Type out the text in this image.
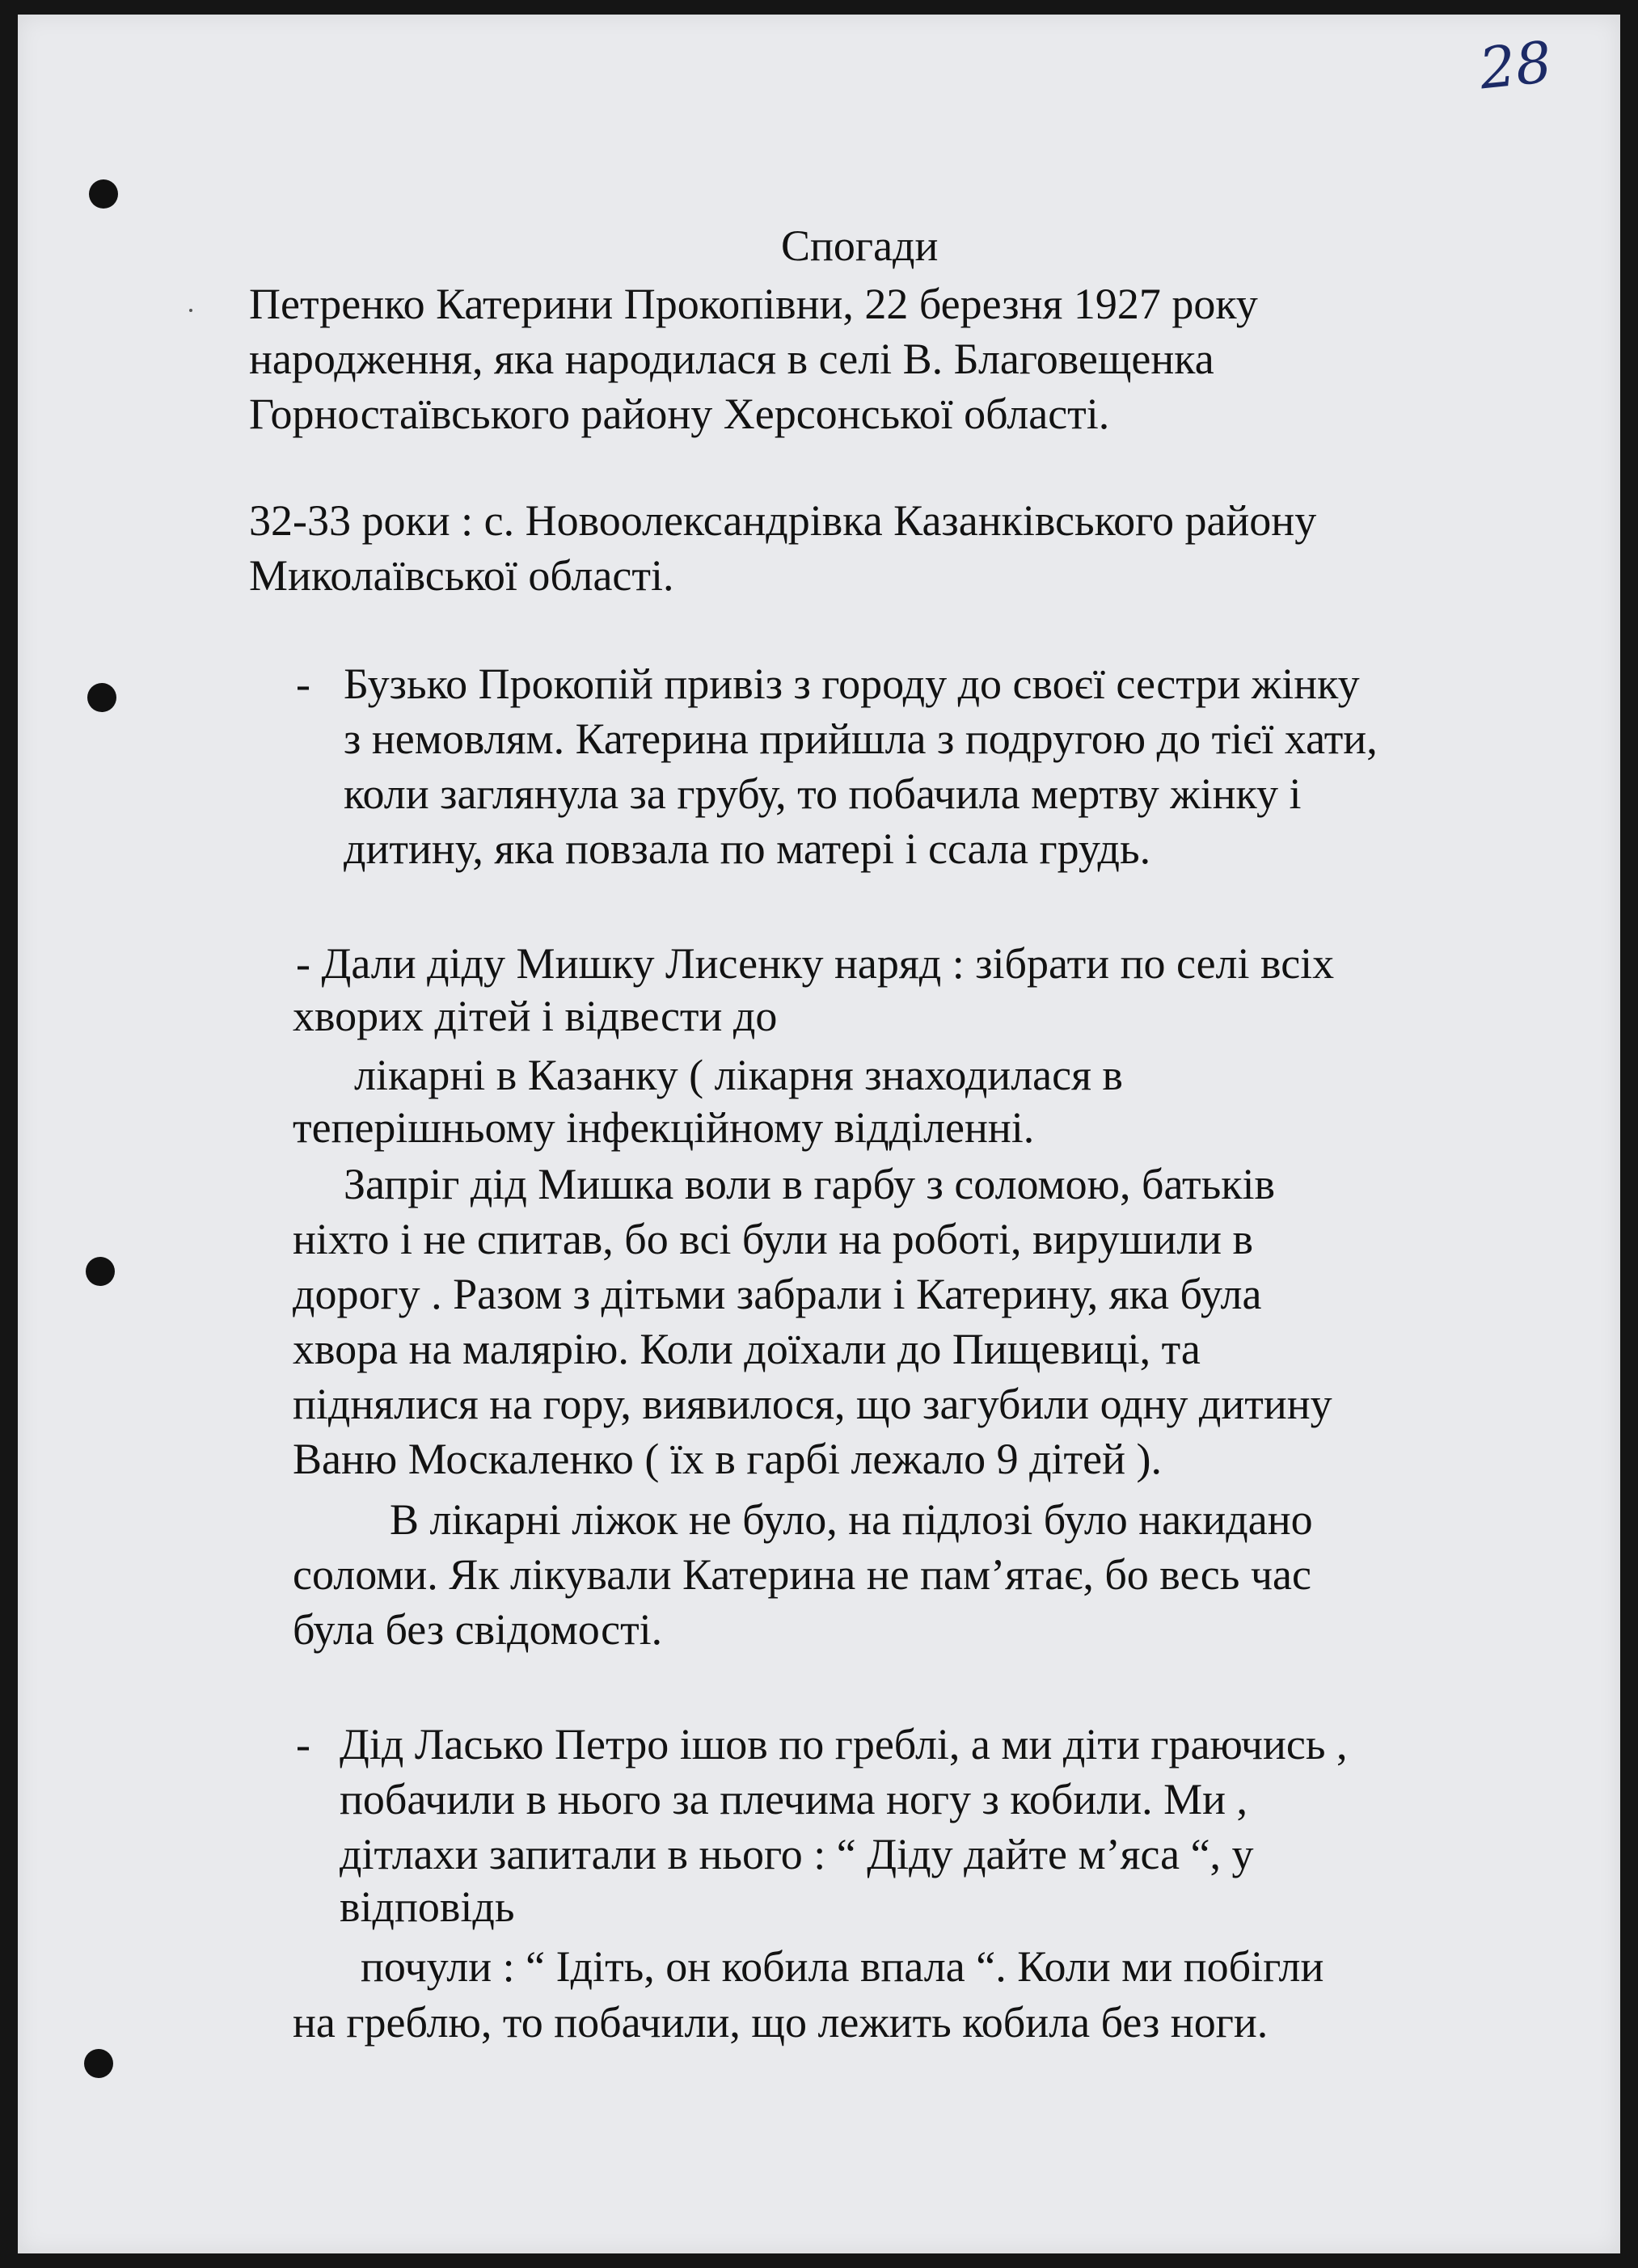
28

Спогади

Петренко Катерини Прокопівни, 22 березня 1927 року

народження, яка народилася в селі В. Благовещенка

Горностаївського району Херсонської області.

32-33 роки : с. Новоолександрівка Казанківського району

Миколаївської області.

- Бузько Прокопій привіз з городу до своєї сестри жінку

з немовлям. Катерина прийшла з подругою до тієї хати,

коли заглянула за грубу, то побачила мертву жінку і

дитину, яка повзала по матері і ссала грудь.

- Дали діду Мишку Лисенку наряд : зібрати по селі всіх

хворих дітей і відвести до

лікарні в Казанку ( лікарня знаходилася в

теперішньому інфекційному відділенні.

Запріг дід Мишка воли в гарбу з соломою, батьків

ніхто і не спитав, бо всі були на роботі, вирушили в

дорогу . Разом з дітьми забрали і Катерину, яка була

хвора на малярію. Коли доїхали до Пищевиці, та

піднялися на гору, виявилося, що загубили одну дитину

Ваню Москаленко ( їх в гарбі лежало 9 дітей ).

В лікарні ліжок не було, на підлозі було накидано

соломи. Як лікували Катерина не пам’ятає, бо весь час

була без свідомості.

- Дід Ласько Петро ішов по греблі, а ми діти граючись ,

побачили в нього за плечима ногу з кобили. Ми ,

дітлахи запитали в нього : “ Діду дайте м’яса “, у

відповідь

почули : “ Ідіть, он кобила впала “. Коли ми побігли

на греблю, то побачили, що лежить кобила без ноги.
